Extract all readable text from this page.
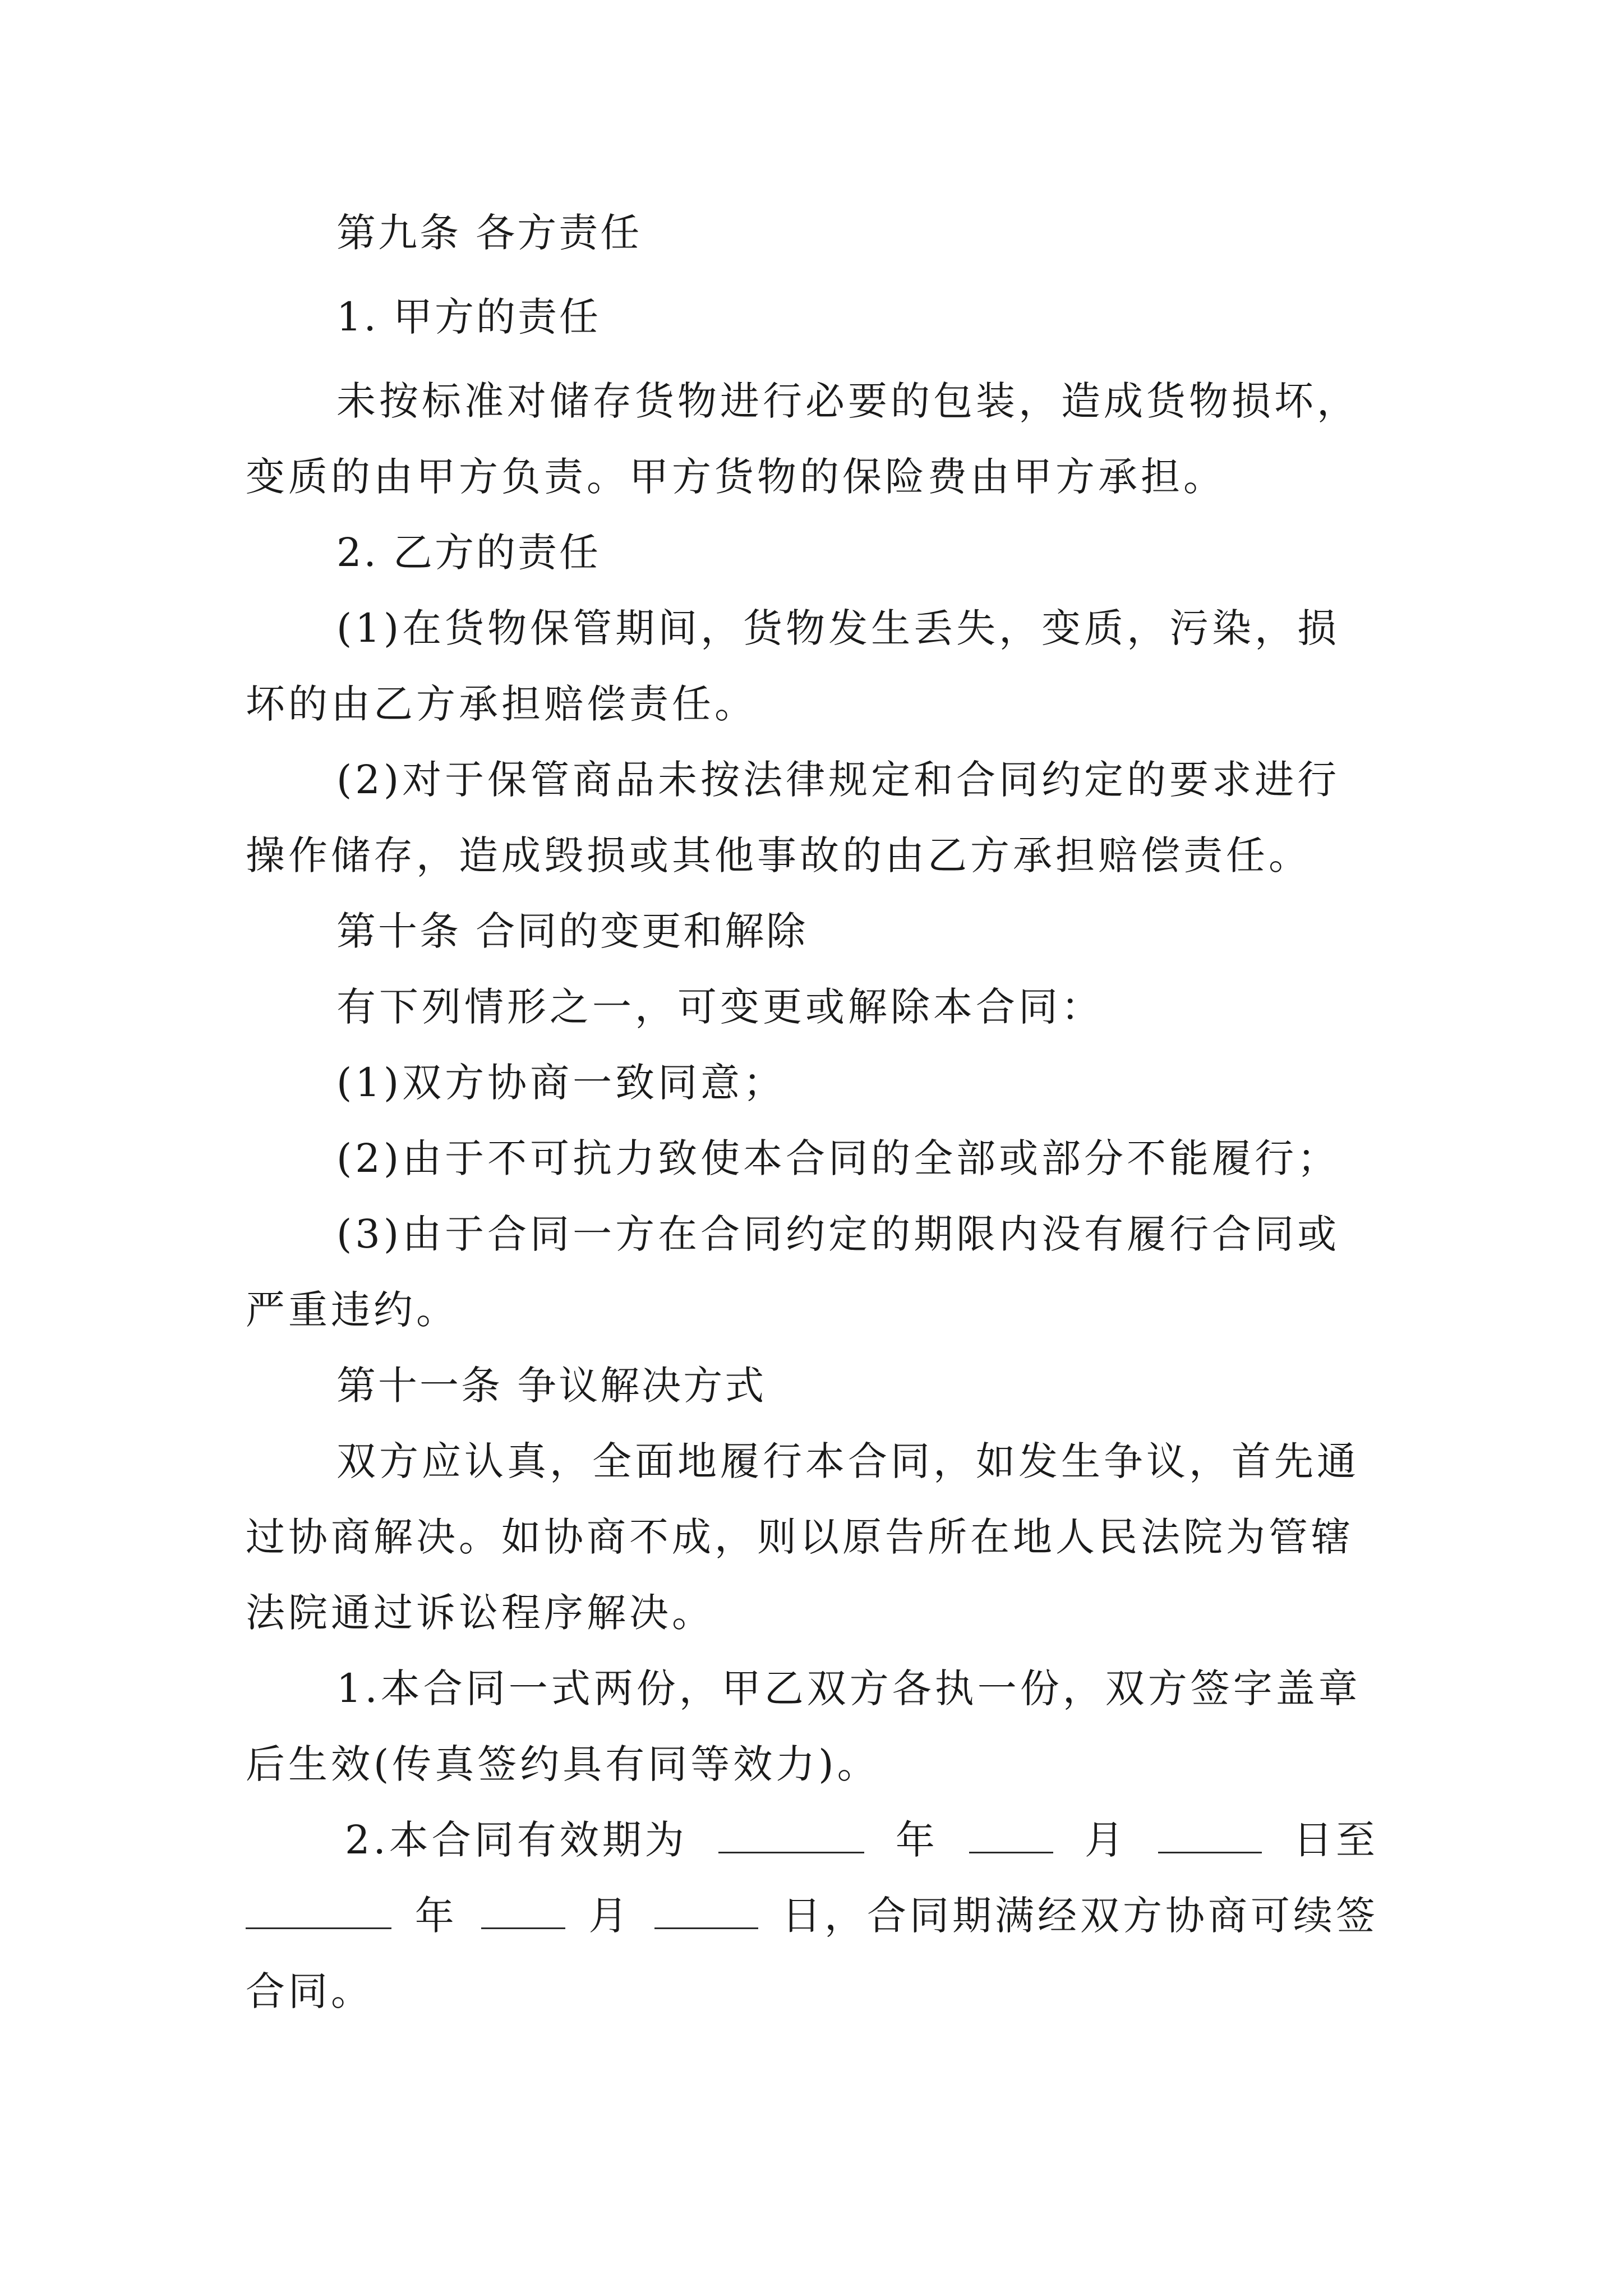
第九条 各方责任
1. 甲方的责任
未按标准对储存货物进行必要的包装，造成货物损坏，
变质的由甲方负责。甲方货物的保险费由甲方承担。
2. 乙方的责任
(1)在货物保管期间，货物发生丢失，变质，污染，损
坏的由乙方承担赔偿责任。
(2)对于保管商品未按法律规定和合同约定的要求进行
操作储存，造成毁损或其他事故的由乙方承担赔偿责任。
第十条 合同的变更和解除
有下列情形之一，可变更或解除本合同：
(1)双方协商一致同意；
(2)由于不可抗力致使本合同的全部或部分不能履行；
(3)由于合同一方在合同约定的期限内没有履行合同或
严重违约。
第十一条 争议解决方式
双方应认真，全面地履行本合同，如发生争议，首先通
过协商解决。如协商不成，则以原告所在地人民法院为管辖
法院通过诉讼程序解决。
1.本合同一式两份，甲乙双方各执一份，双方签字盖章
后生效(传真签约具有同等效力)。
2.本合同有效期为	年	月	日至
年	月	日，合同期满经双方协商可续签
合同。
